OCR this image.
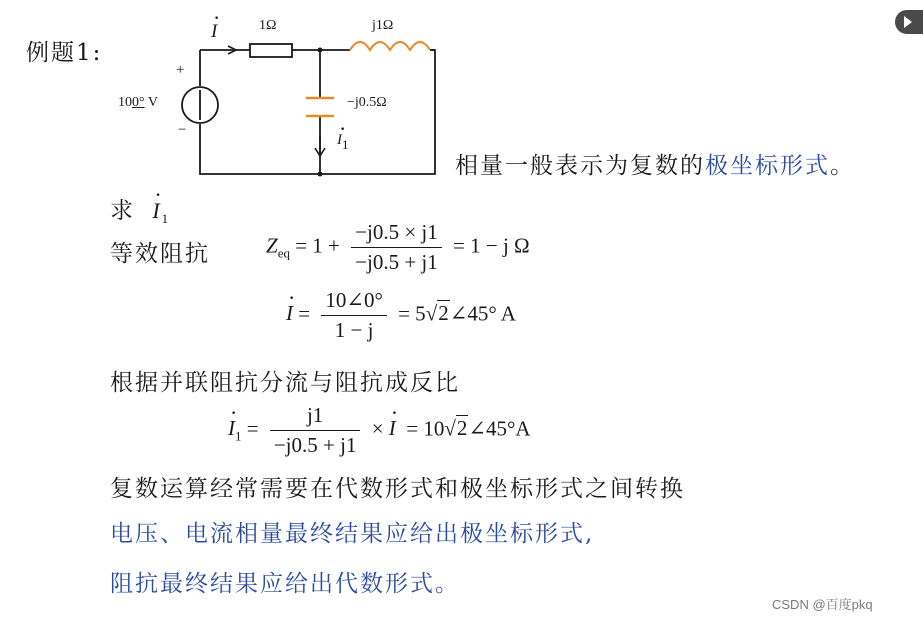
例题1:
· I	1Ω	j1Ω
+
−
100° V	−j0.5Ω
· I1
相量一般表示为复数的极坐标形式。
求 · $I_1$
等效阻抗	$Z_{eq} = 1 + \frac{-j0.5 \times j1}{-j0.5 + j1} = 1 - j$ Ω
· $I = \frac{10\angle 0^\circ}{1 - j}$ = 5√2∠45° A
根据并联阻抗分流与阻抗成反比
· $I_1 = \frac{j1}{-j0.5 + j1}$ × · I = 10√2∠45°A
复数运算经常需要在代数形式和极坐标形式之间转换
电压、电流相量最终结果应给出极坐标形式,
阻抗最终结果应给出代数形式。
CSDN @百度pkq
